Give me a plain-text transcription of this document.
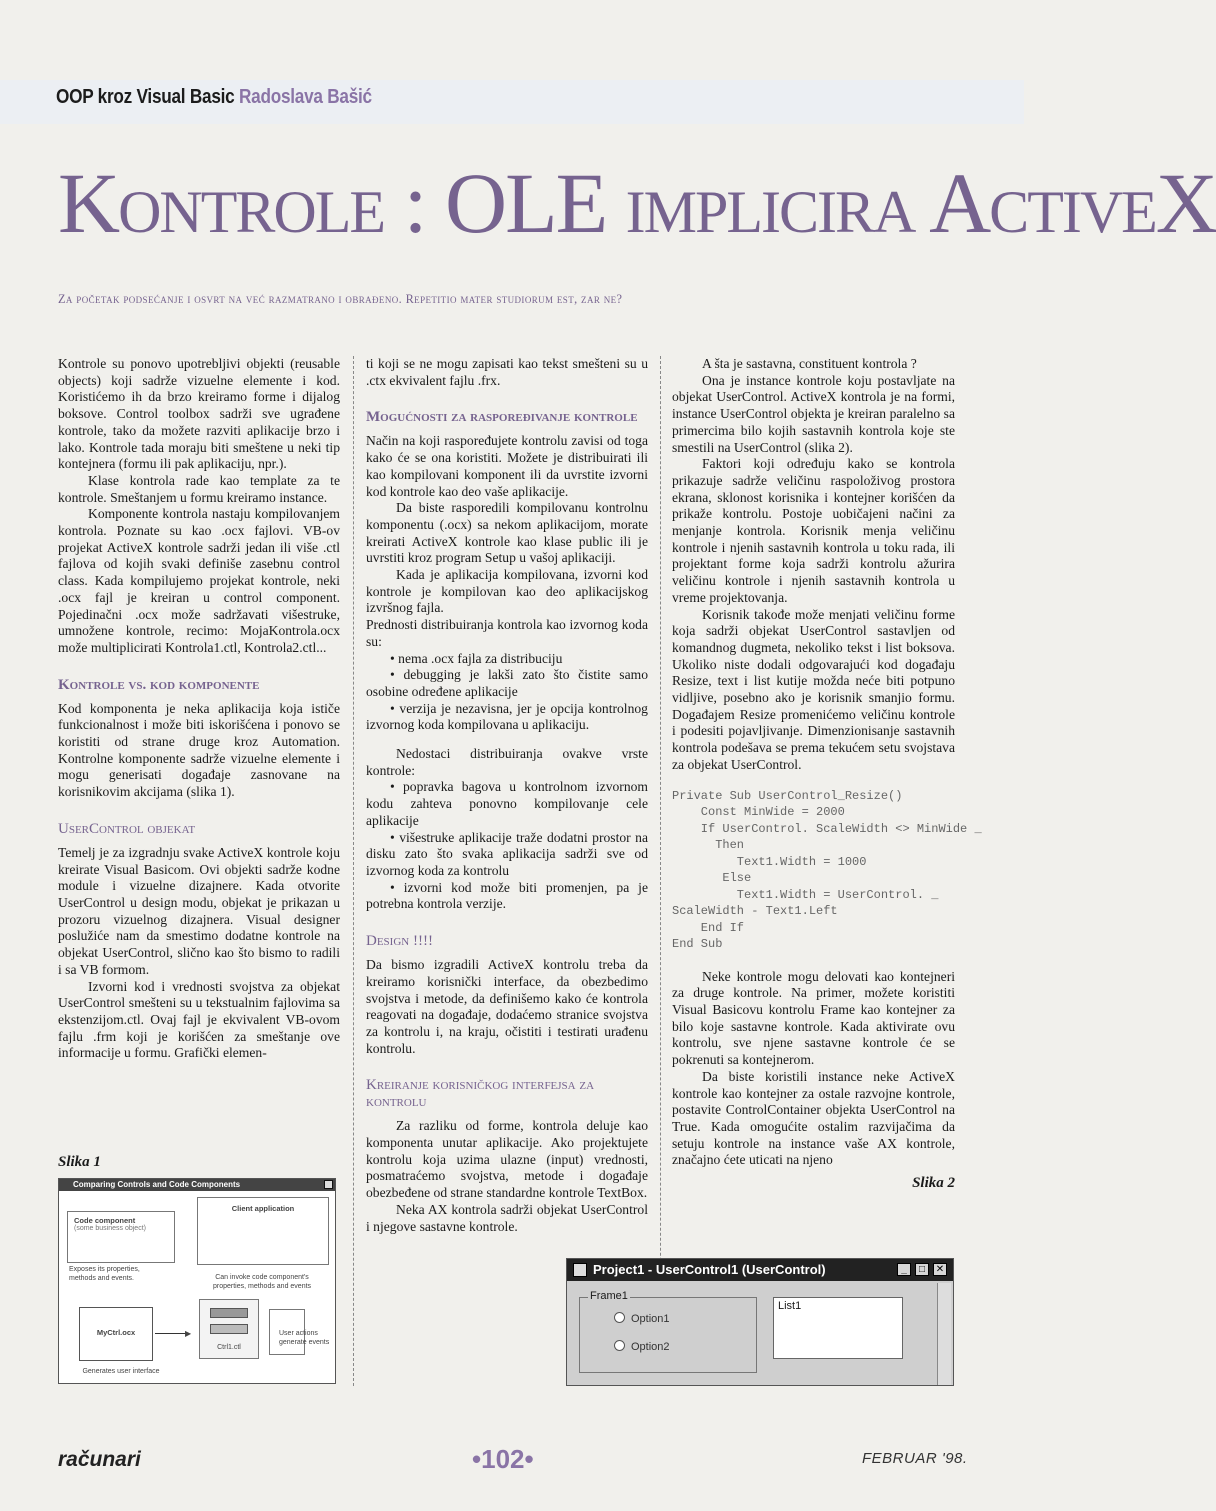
OOP kroz Visual Basic Radoslava Bašić
Kontrole : OLE implicira ActiveX
Za početak podsećanje i osvrt na već razmatrano i obrađeno. Repetitio mater studiorum est, zar ne?

Kontrole su ponovo upotrebljivi objekti (reusable objects) koji sadrže vizuelne elemente i kod. Koristićemo ih da brzo kreiramo forme i dijalog boksove. Control toolbox sadrži sve ugrađene kontrole, tako da možete razviti aplikacije brzo i lako. Kontrole tada moraju biti smeštene u neki tip kontejnera (formu ili pak aplikaciju, npr.).

Klase kontrola rade kao template za te kontrole. Smeštanjem u formu kreiramo instance.

Komponente kontrola nastaju kompilovanjem kontrola. Poznate su kao .ocx fajlovi. VB-ov projekat ActiveX kontrole sadrži jedan ili više .ctl fajlova od kojih svaki definiše zasebnu control class. Kada kompilujemo projekat kontrole, neki .ocx fajl je kreiran u control component. Pojedinačni .ocx može sadržavati višestruke, umnožene kontrole, recimo: MojaKontrola.ocx može multiplicirati Kontrola1.ctl, Kontrola2.ctl...

Kontrole vs. kod komponente

Kod komponenta je neka aplikacija koja ističe funkcionalnost i može biti iskorišćena i ponovo se koristiti od strane druge kroz Automation. Kontrolne komponente sadrže vizuelne elemente i mogu generisati događaje zasnovane na korisnikovim akcijama (slika 1).

UserControl objekat

Temelj je za izgradnju svake ActiveX kontrole koju kreirate Visual Basicom. Ovi objekti sadrže kodne module i vizuelne dizajnere. Kada otvorite UserControl u design modu, objekat je prikazan u prozoru vizuelnog dizajnera. Visual designer poslužiće nam da smestimo dodatne kontrole na objekat UserControl, slično kao što bismo to radili i sa VB formom.

Izvorni kod i vrednosti svojstva za objekat UserControl smešteni su u tekstualnim fajlovima sa ekstenzijom.ctl. Ovaj fajl je ekvivalent VB-ovom fajlu .frm koji je korišćen za smeštanje ove informacije u formu. Grafički elemen-

ti koji se ne mogu zapisati kao tekst smešteni su u .ctx ekvivalent fajlu .frx.

Mogućnosti za raspoređivanje kontrole

Način na koji raspoređujete kontrolu zavisi od toga kako će se ona koristiti. Možete je distribuirati ili kao kompilovani komponent ili da uvrstite izvorni kod kontrole kao deo vaše aplikacije.

Da biste rasporedili kompilovanu kontrolnu komponentu (.ocx) sa nekom aplikacijom, morate kreirati ActiveX kontrole kao klase public ili je uvrstiti kroz program Setup u vašoj aplikaciji.

Kada je aplikacija kompilovana, izvorni kod kontrole je kompilovan kao deo aplikacijskog izvršnog fajla.

Prednosti distribuiranja kontrola kao izvornog koda su:

• nema .ocx fajla za distribuciju
• debugging je lakši zato što čistite samo osobine određene aplikacije
• verzija je nezavisna, jer je opcija kontrolnog izvornog koda kompilovana u aplikaciju.

Nedostaci distribuiranja ovakve vrste kontrole:

• popravka bagova u kontrolnom izvornom kodu zahteva ponovno kompilovanje cele aplikacije
• višestruke aplikacije traže dodatni prostor na disku zato što svaka aplikacija sadrži sve od izvornog koda za kontrolu
• izvorni kod može biti promenjen, pa je potrebna kontrola verzije.
Design !!!!

Da bismo izgradili ActiveX kontrolu treba da kreiramo korisnički interface, da obezbedimo svojstva i metode, da definišemo kako će kontrola reagovati na događaje, dodaćemo stranice svojstva za kontrolu i, na kraju, očistiti i testirati urađenu kontrolu.

Kreiranje korisničkog interfejsa za kontrolu

Za razliku od forme, kontrola deluje kao komponenta unutar aplikacije. Ako projektujete kontrolu koja uzima ulazne (input) vrednosti, posmatraćemo svojstva, metode i događaje obezbeđene od strane standardne kontrole TextBox.

Neka AX kontrola sadrži objekat UserControl i njegove sastavne kontrole.

A šta je sastavna, constituent kontrola ?

Ona je instance kontrole koju postavljate na objekat UserControl. ActiveX kontrola je na formi, instance UserControl objekta je kreiran paralelno sa primercima bilo kojih sastavnih kontrola koje ste smestili na UserControl (slika 2).

Faktori koji određuju kako se kontrola prikazuje sadrže veličinu raspoloživog prostora ekrana, sklonost korisnika i kontejner korišćen da prikaže kontrolu. Postoje uobičajeni načini za menjanje kontrola. Korisnik menja veličinu kontrole i njenih sastavnih kontrola u toku rada, ili projektant forme koja sadrži kontrolu ažurira veličinu kontrole i njenih sastavnih kontrola u vreme projektovanja.

Korisnik takođe može menjati veličinu forme koja sadrži objekat UserControl sastavljen od komandnog dugmeta, nekoliko tekst i list boksova. Ukoliko niste dodali odgovarajući kod događaju Resize, text i list kutije možda neće biti potpuno vidljive, posebno ako je korisnik smanjio formu. Događajem Resize promenićemo veličinu kontrole i podesiti pojavljivanje. Dimenzionisanje sastavnih kontrola podešava se prema tekućem setu svojstava za objekat UserControl.

Private Sub UserControl_Resize()
Const MinWide = 2000
If UserControl. ScaleWidth <> MinWide _
Then
Text1.Width = 1000
Else
Text1.Width = UserControl. _
ScaleWidth - Text1.Left
End If
End Sub

Neke kontrole mogu delovati kao kontejneri za druge kontrole. Na primer, možete koristiti Visual Basicovu kontrolu Frame kao kontejner za bilo koje sastavne kontrole. Kada aktivirate ovu kontrolu, sve njene sastavne kontrole će se pokrenuti sa kontejnerom.

Da biste koristili instance neke ActiveX kontrole kao kontejner za ostale razvojne kontrole, postavite ControlContainer objekta UserControl na True. Kada omogućite ostalim razvijačima da setuju kontrole na instance vaše AX kontrole, značajno ćete uticati na njeno

Slika 2
Slika 1
Comparing Controls and Code Components
Code component
(some business object)
Exposes its properties, methods and events.
Client application
Can invoke code component's properties, methods and events
MyCtrl.ocx	▶
Ctrl1.ctl
User actions generate events
Generates user interface
Project1 - UserControl1 (UserControl)	_	□	✕
Frame1
Option1
Option2
List1
računari	•102•	FEBRUAR '98.
